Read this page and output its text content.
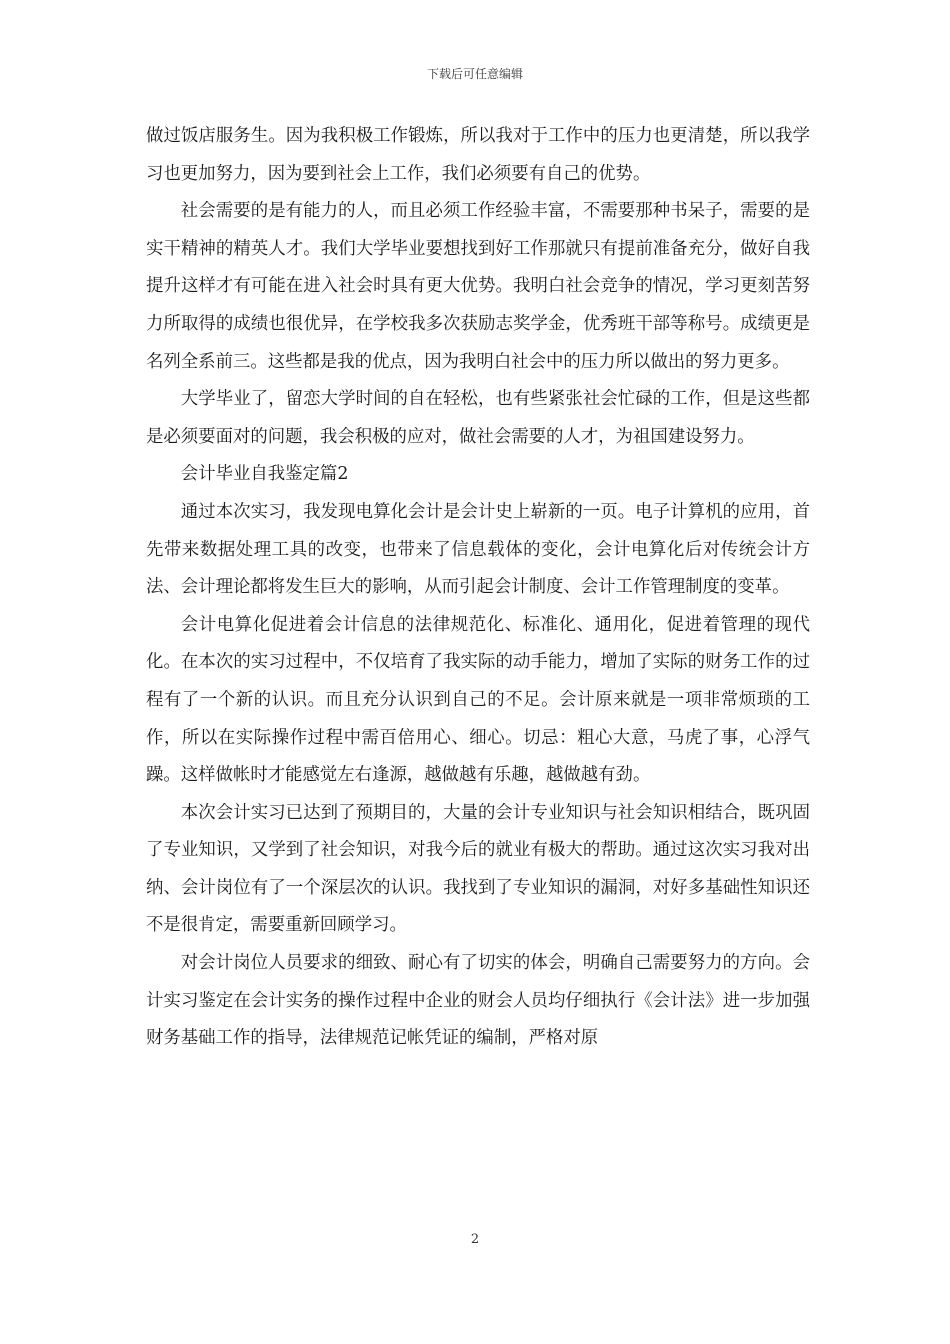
下载后可任意编辑

做过饭店服务生。因为我积极工作锻炼，所以我对于工作中的压力也更清楚，所以我学习也更加努力，因为要到社会上工作，我们必须要有自己的优势。

社会需要的是有能力的人，而且必须工作经验丰富，不需要那种书呆子，需要的是实干精神的精英人才。我们大学毕业要想找到好工作那就只有提前准备充分，做好自我提升这样才有可能在进入社会时具有更大优势。我明白社会竞争的情况，学习更刻苦努力所取得的成绩也很优异，在学校我多次获励志奖学金，优秀班干部等称号。成绩更是名列全系前三。这些都是我的优点，因为我明白社会中的压力所以做出的努力更多。

大学毕业了，留恋大学时间的自在轻松，也有些紧张社会忙碌的工作，但是这些都是必须要面对的问题，我会积极的应对，做社会需要的人才，为祖国建设努力。

会计毕业自我鉴定篇2

通过本次实习，我发现电算化会计是会计史上崭新的一页。电子计算机的应用，首先带来数据处理工具的改变，也带来了信息载体的变化，会计电算化后对传统会计方法、会计理论都将发生巨大的影响，从而引起会计制度、会计工作管理制度的变革。

会计电算化促进着会计信息的法律规范化、标准化、通用化，促进着管理的现代化。在本次的实习过程中，不仅培育了我实际的动手能力，增加了实际的财务工作的过程有了一个新的认识。而且充分认识到自己的不足。会计原来就是一项非常烦琐的工作，所以在实际操作过程中需百倍用心、细心。切忌：粗心大意，马虎了事，心浮气躁。这样做帐时才能感觉左右逢源，越做越有乐趣，越做越有劲。

本次会计实习已达到了预期目的，大量的会计专业知识与社会知识相结合，既巩固了专业知识，又学到了社会知识，对我今后的就业有极大的帮助。通过这次实习我对出纳、会计岗位有了一个深层次的认识。我找到了专业知识的漏洞，对好多基础性知识还不是很肯定，需要重新回顾学习。

对会计岗位人员要求的细致、耐心有了切实的体会，明确自己需要努力的方向。会计实习鉴定在会计实务的操作过程中企业的财会人员均仔细执行《会计法》进一步加强财务基础工作的指导，法律规范记帐凭证的编制，严格对原

2
